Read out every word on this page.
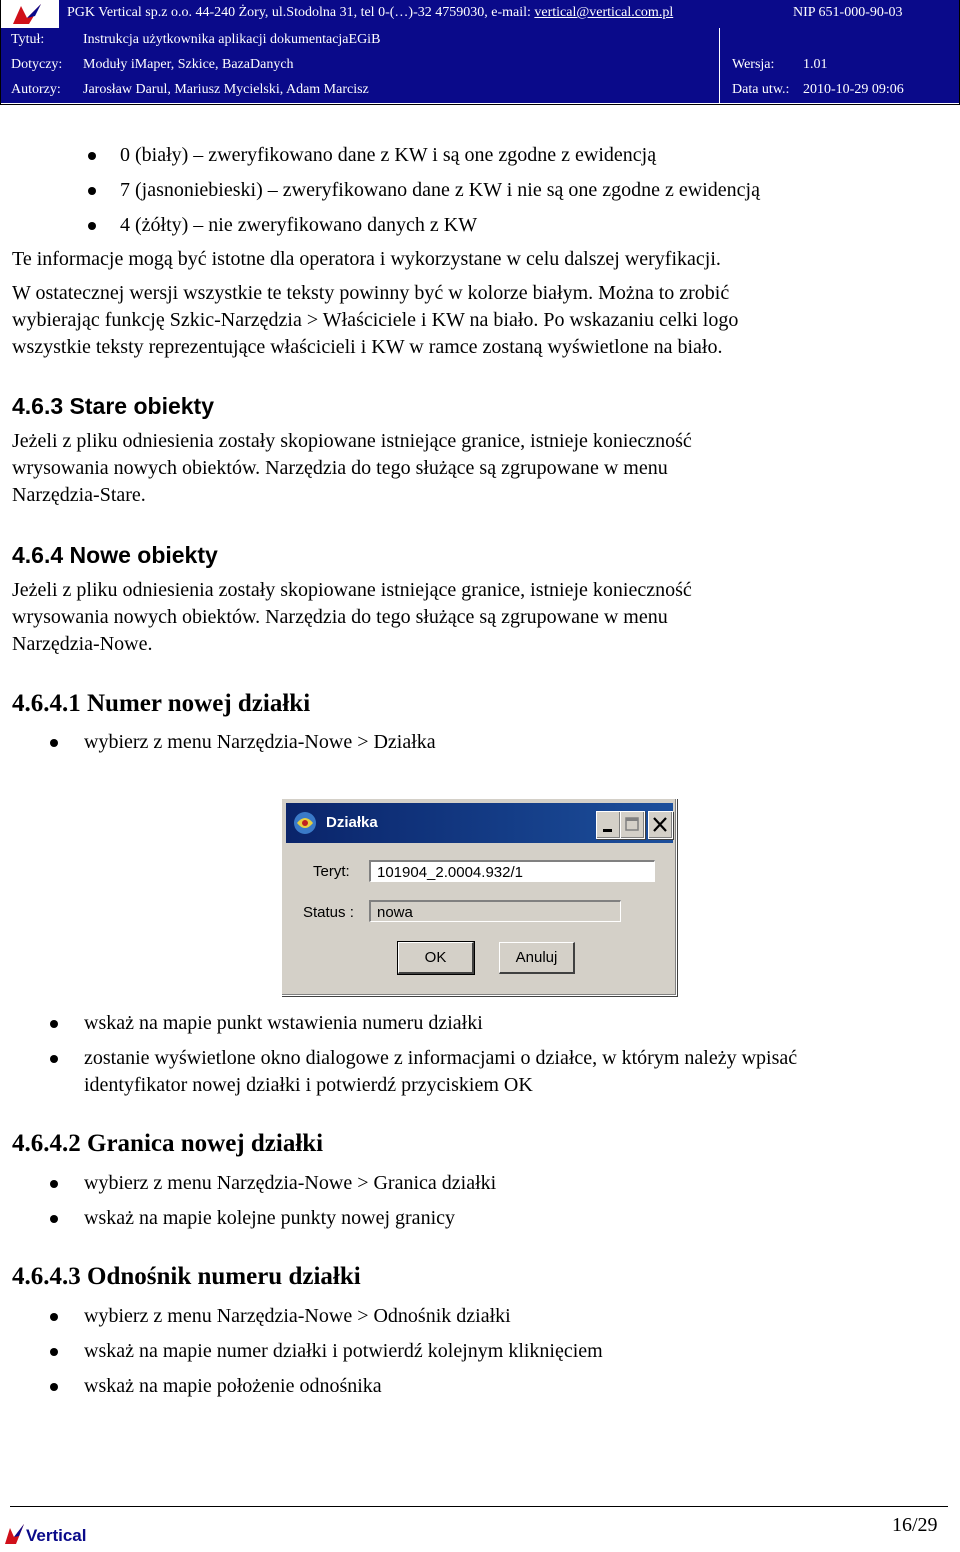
PGK Vertical sp.z o.o. 44-240 Żory, ul.Stodolna 31, tel 0-(…)-32 4759030, e-mail: vertical@vertical.com.pl	NIP 651-000-90-03
Tytuł:	Instrukcja użytkownika aplikacji dokumentacjaEGiB
Dotyczy: Moduły iMaper, Szkice, BazaDanych	Wersja: 1.01
Autorzy: Jarosław Darul, Mariusz Mycielski, Adam Marcisz	Data utw.: 2010-10-29 09:06
0 (biały) – zweryfikowano dane z KW i są one zgodne z ewidencją
7 (jasnoniebieski) – zweryfikowano dane z KW i nie są one zgodne z ewidencją
4 (żółty) – nie zweryfikowano danych z KW
Te informacje mogą być istotne dla operatora i wykorzystane w celu dalszej weryfikacji.
W ostatecznej wersji wszystkie te teksty powinny być w kolorze białym. Można to zrobić
wybierając funkcję Szkic-Narzędzia > Właściciele i KW na biało. Po wskazaniu celki logo
wszystkie teksty reprezentujące właścicieli i KW w ramce zostaną wyświetlone na biało.
4.6.3 Stare obiekty
Jeżeli z pliku odniesienia zostały skopiowane istniejące granice, istnieje konieczność
wrysowania nowych obiektów. Narzędzia do tego służące są zgrupowane w menu
Narzędzia-Stare.
4.6.4 Nowe obiekty
Jeżeli z pliku odniesienia zostały skopiowane istniejące granice, istnieje konieczność
wrysowania nowych obiektów. Narzędzia do tego służące są zgrupowane w menu
Narzędzia-Nowe.
4.6.4.1 Numer nowej działki
wybierz z menu Narzędzia-Nowe > Działka
Działka
Teryt:	101904_2.0004.932/1
Status :	nowa
OK	Anuluj
wskaż na mapie punkt wstawienia numeru działki
zostanie wyświetlone okno dialogowe z informacjami o działce, w którym należy wpisać
identyfikator nowej działki i potwierdź przyciskiem OK
4.6.4.2 Granica nowej działki
wybierz z menu Narzędzia-Nowe > Granica działki
wskaż na mapie kolejne punkty nowej granicy
4.6.4.3 Odnośnik numeru działki
wybierz z menu Narzędzia-Nowe > Odnośnik działki
wskaż na mapie numer działki i potwierdź kolejnym kliknięciem
wskaż na mapie położenie odnośnika
Vertical	16/29
